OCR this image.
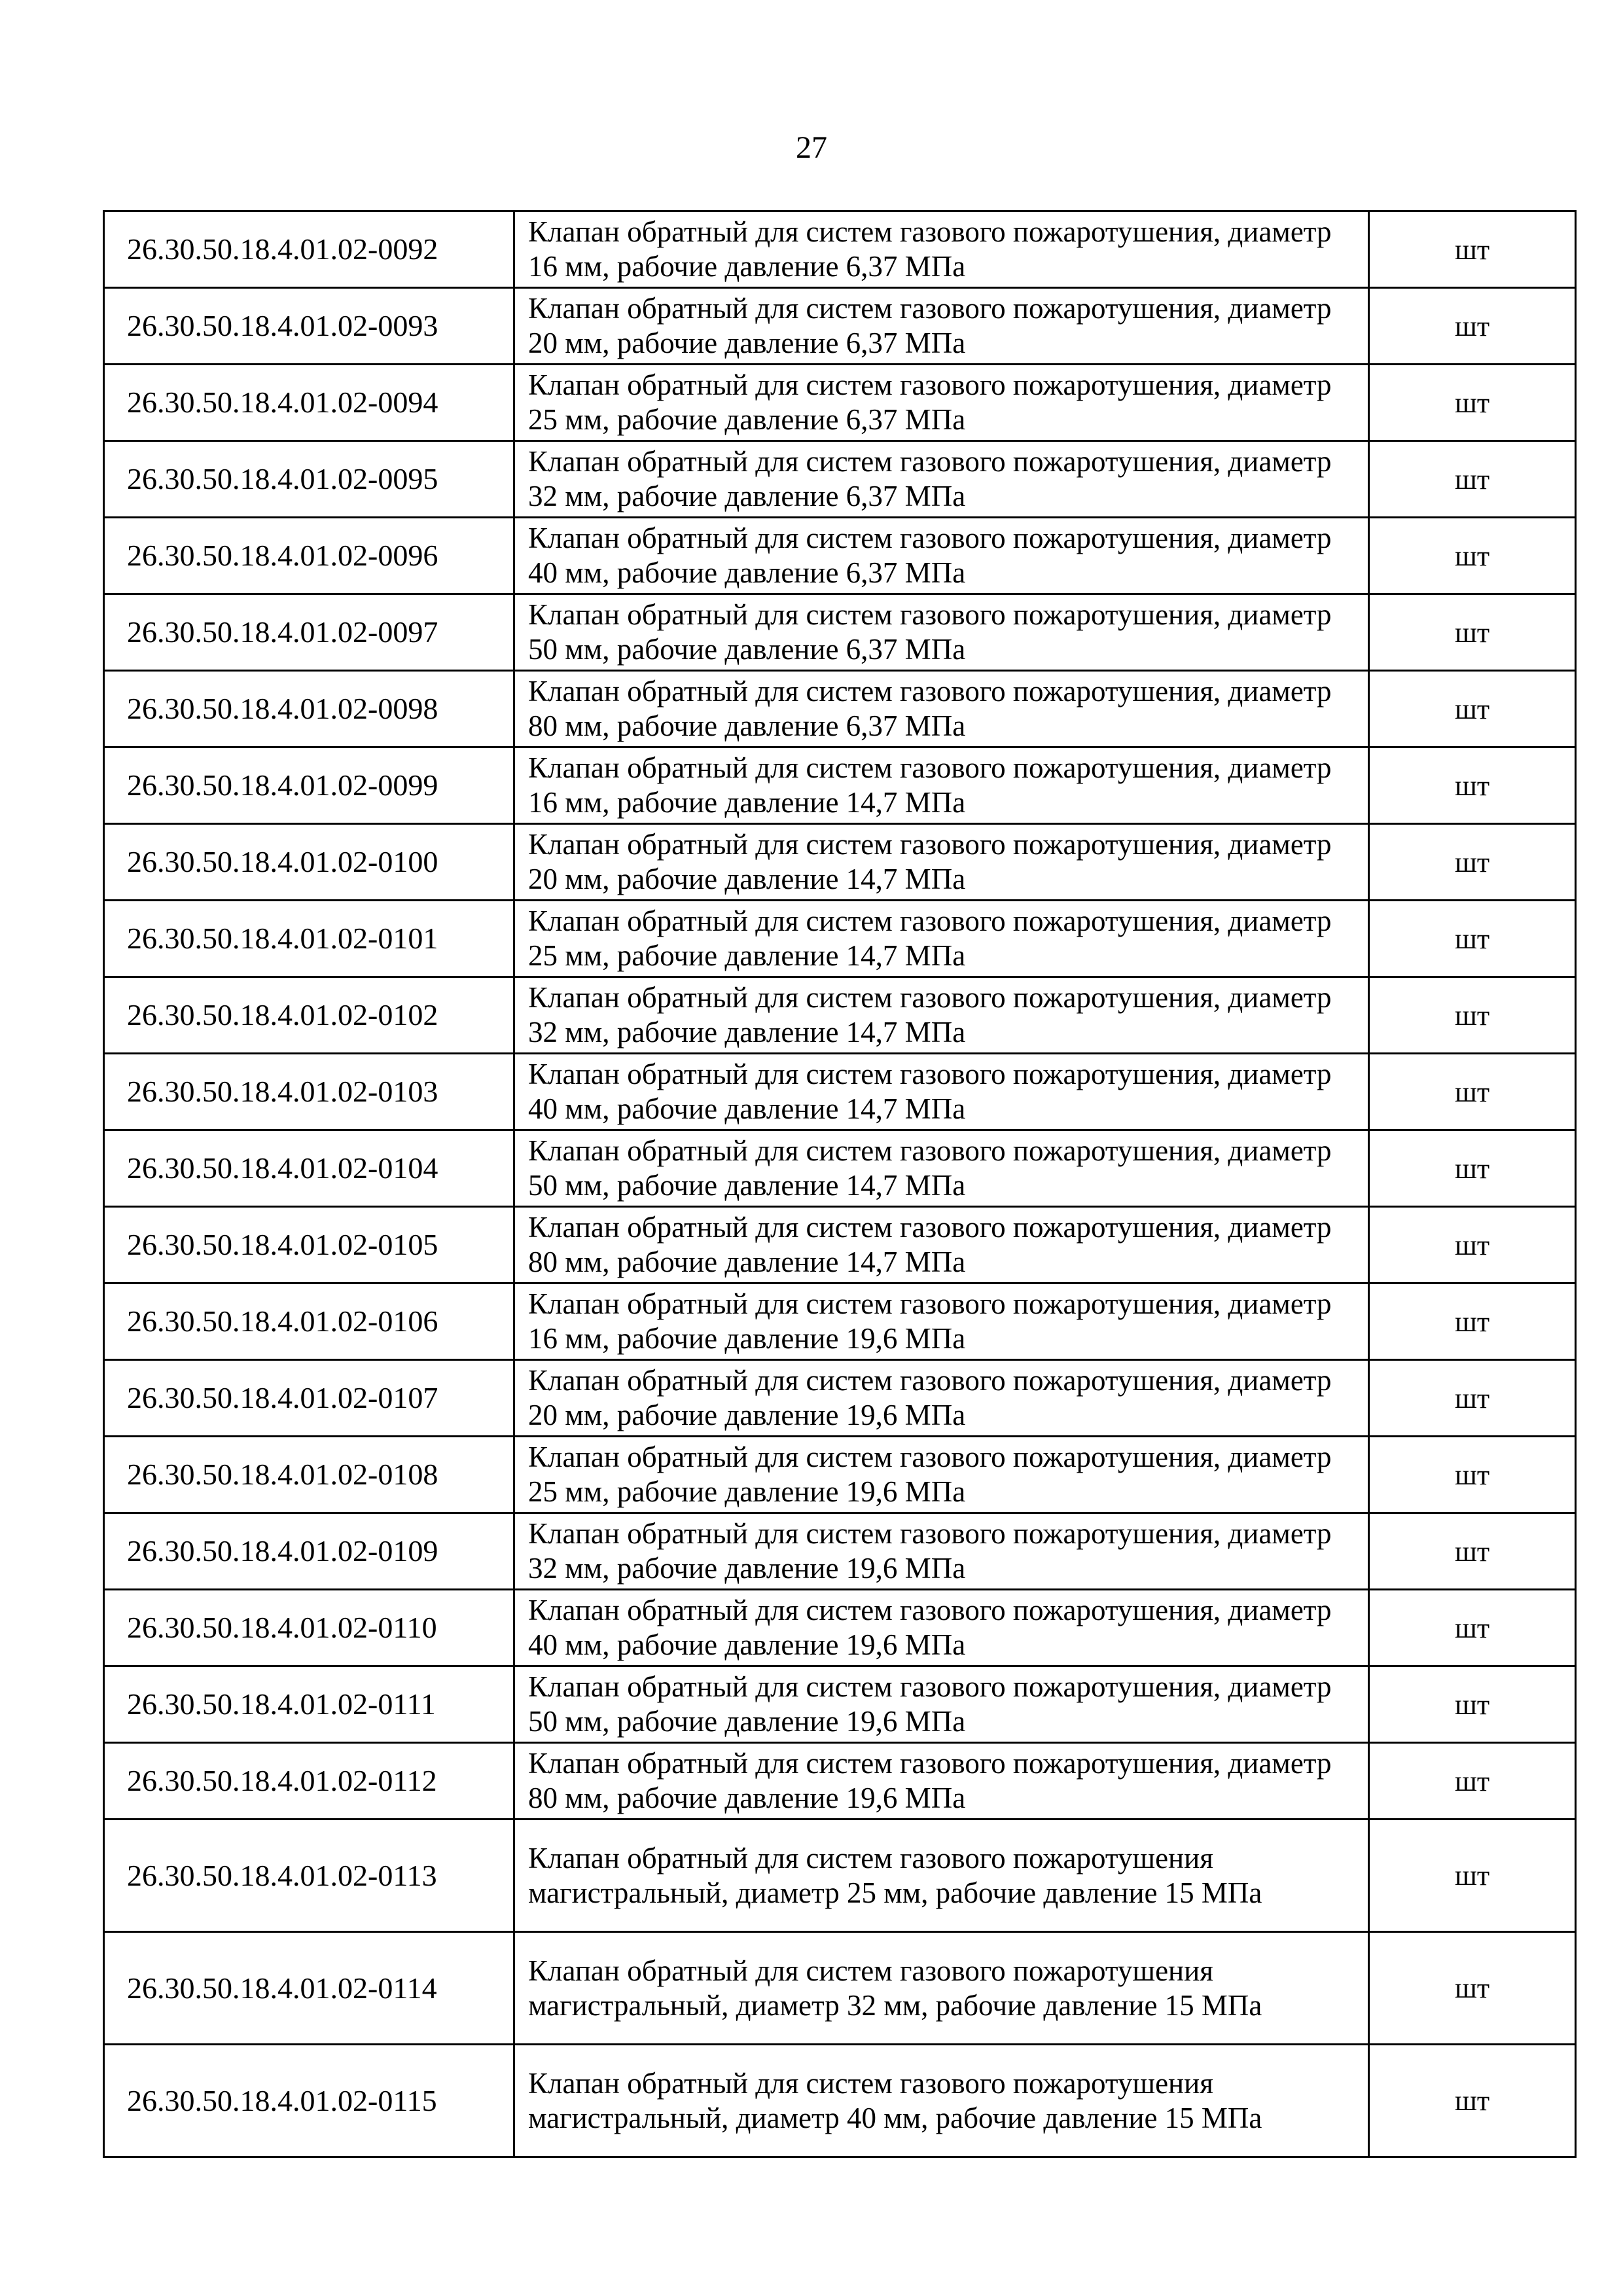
27
26.30.50.18.4.01.02-0092	Клапан обратный для систем газового пожаротушения, диаметр 16 мм, рабочие давление 6,37 МПа	шт
26.30.50.18.4.01.02-0093	Клапан обратный для систем газового пожаротушения, диаметр 20 мм, рабочие давление 6,37 МПа	шт
26.30.50.18.4.01.02-0094	Клапан обратный для систем газового пожаротушения, диаметр 25 мм, рабочие давление 6,37 МПа	шт
26.30.50.18.4.01.02-0095	Клапан обратный для систем газового пожаротушения, диаметр 32 мм, рабочие давление 6,37 МПа	шт
26.30.50.18.4.01.02-0096	Клапан обратный для систем газового пожаротушения, диаметр 40 мм, рабочие давление 6,37 МПа	шт
26.30.50.18.4.01.02-0097	Клапан обратный для систем газового пожаротушения, диаметр 50 мм, рабочие давление 6,37 МПа	шт
26.30.50.18.4.01.02-0098	Клапан обратный для систем газового пожаротушения, диаметр 80 мм, рабочие давление 6,37 МПа	шт
26.30.50.18.4.01.02-0099	Клапан обратный для систем газового пожаротушения, диаметр 16 мм, рабочие давление 14,7 МПа	шт
26.30.50.18.4.01.02-0100	Клапан обратный для систем газового пожаротушения, диаметр 20 мм, рабочие давление 14,7 МПа	шт
26.30.50.18.4.01.02-0101	Клапан обратный для систем газового пожаротушения, диаметр 25 мм, рабочие давление 14,7 МПа	шт
26.30.50.18.4.01.02-0102	Клапан обратный для систем газового пожаротушения, диаметр 32 мм, рабочие давление 14,7 МПа	шт
26.30.50.18.4.01.02-0103	Клапан обратный для систем газового пожаротушения, диаметр 40 мм, рабочие давление 14,7 МПа	шт
26.30.50.18.4.01.02-0104	Клапан обратный для систем газового пожаротушения, диаметр 50 мм, рабочие давление 14,7 МПа	шт
26.30.50.18.4.01.02-0105	Клапан обратный для систем газового пожаротушения, диаметр 80 мм, рабочие давление 14,7 МПа	шт
26.30.50.18.4.01.02-0106	Клапан обратный для систем газового пожаротушения, диаметр 16 мм, рабочие давление 19,6 МПа	шт
26.30.50.18.4.01.02-0107	Клапан обратный для систем газового пожаротушения, диаметр 20 мм, рабочие давление 19,6 МПа	шт
26.30.50.18.4.01.02-0108	Клапан обратный для систем газового пожаротушения, диаметр 25 мм, рабочие давление 19,6 МПа	шт
26.30.50.18.4.01.02-0109	Клапан обратный для систем газового пожаротушения, диаметр 32 мм, рабочие давление 19,6 МПа	шт
26.30.50.18.4.01.02-0110	Клапан обратный для систем газового пожаротушения, диаметр 40 мм, рабочие давление 19,6 МПа	шт
26.30.50.18.4.01.02-0111	Клапан обратный для систем газового пожаротушения, диаметр 50 мм, рабочие давление 19,6 МПа	шт
26.30.50.18.4.01.02-0112	Клапан обратный для систем газового пожаротушения, диаметр 80 мм, рабочие давление 19,6 МПа	шт
26.30.50.18.4.01.02-0113	Клапан обратный для систем газового пожаротушения магистральный, диаметр 25 мм, рабочие давление 15 МПа	шт
26.30.50.18.4.01.02-0114	Клапан обратный для систем газового пожаротушения магистральный, диаметр 32 мм, рабочие давление 15 МПа	шт
26.30.50.18.4.01.02-0115	Клапан обратный для систем газового пожаротушения магистральный, диаметр 40 мм, рабочие давление 15 МПа	шт
